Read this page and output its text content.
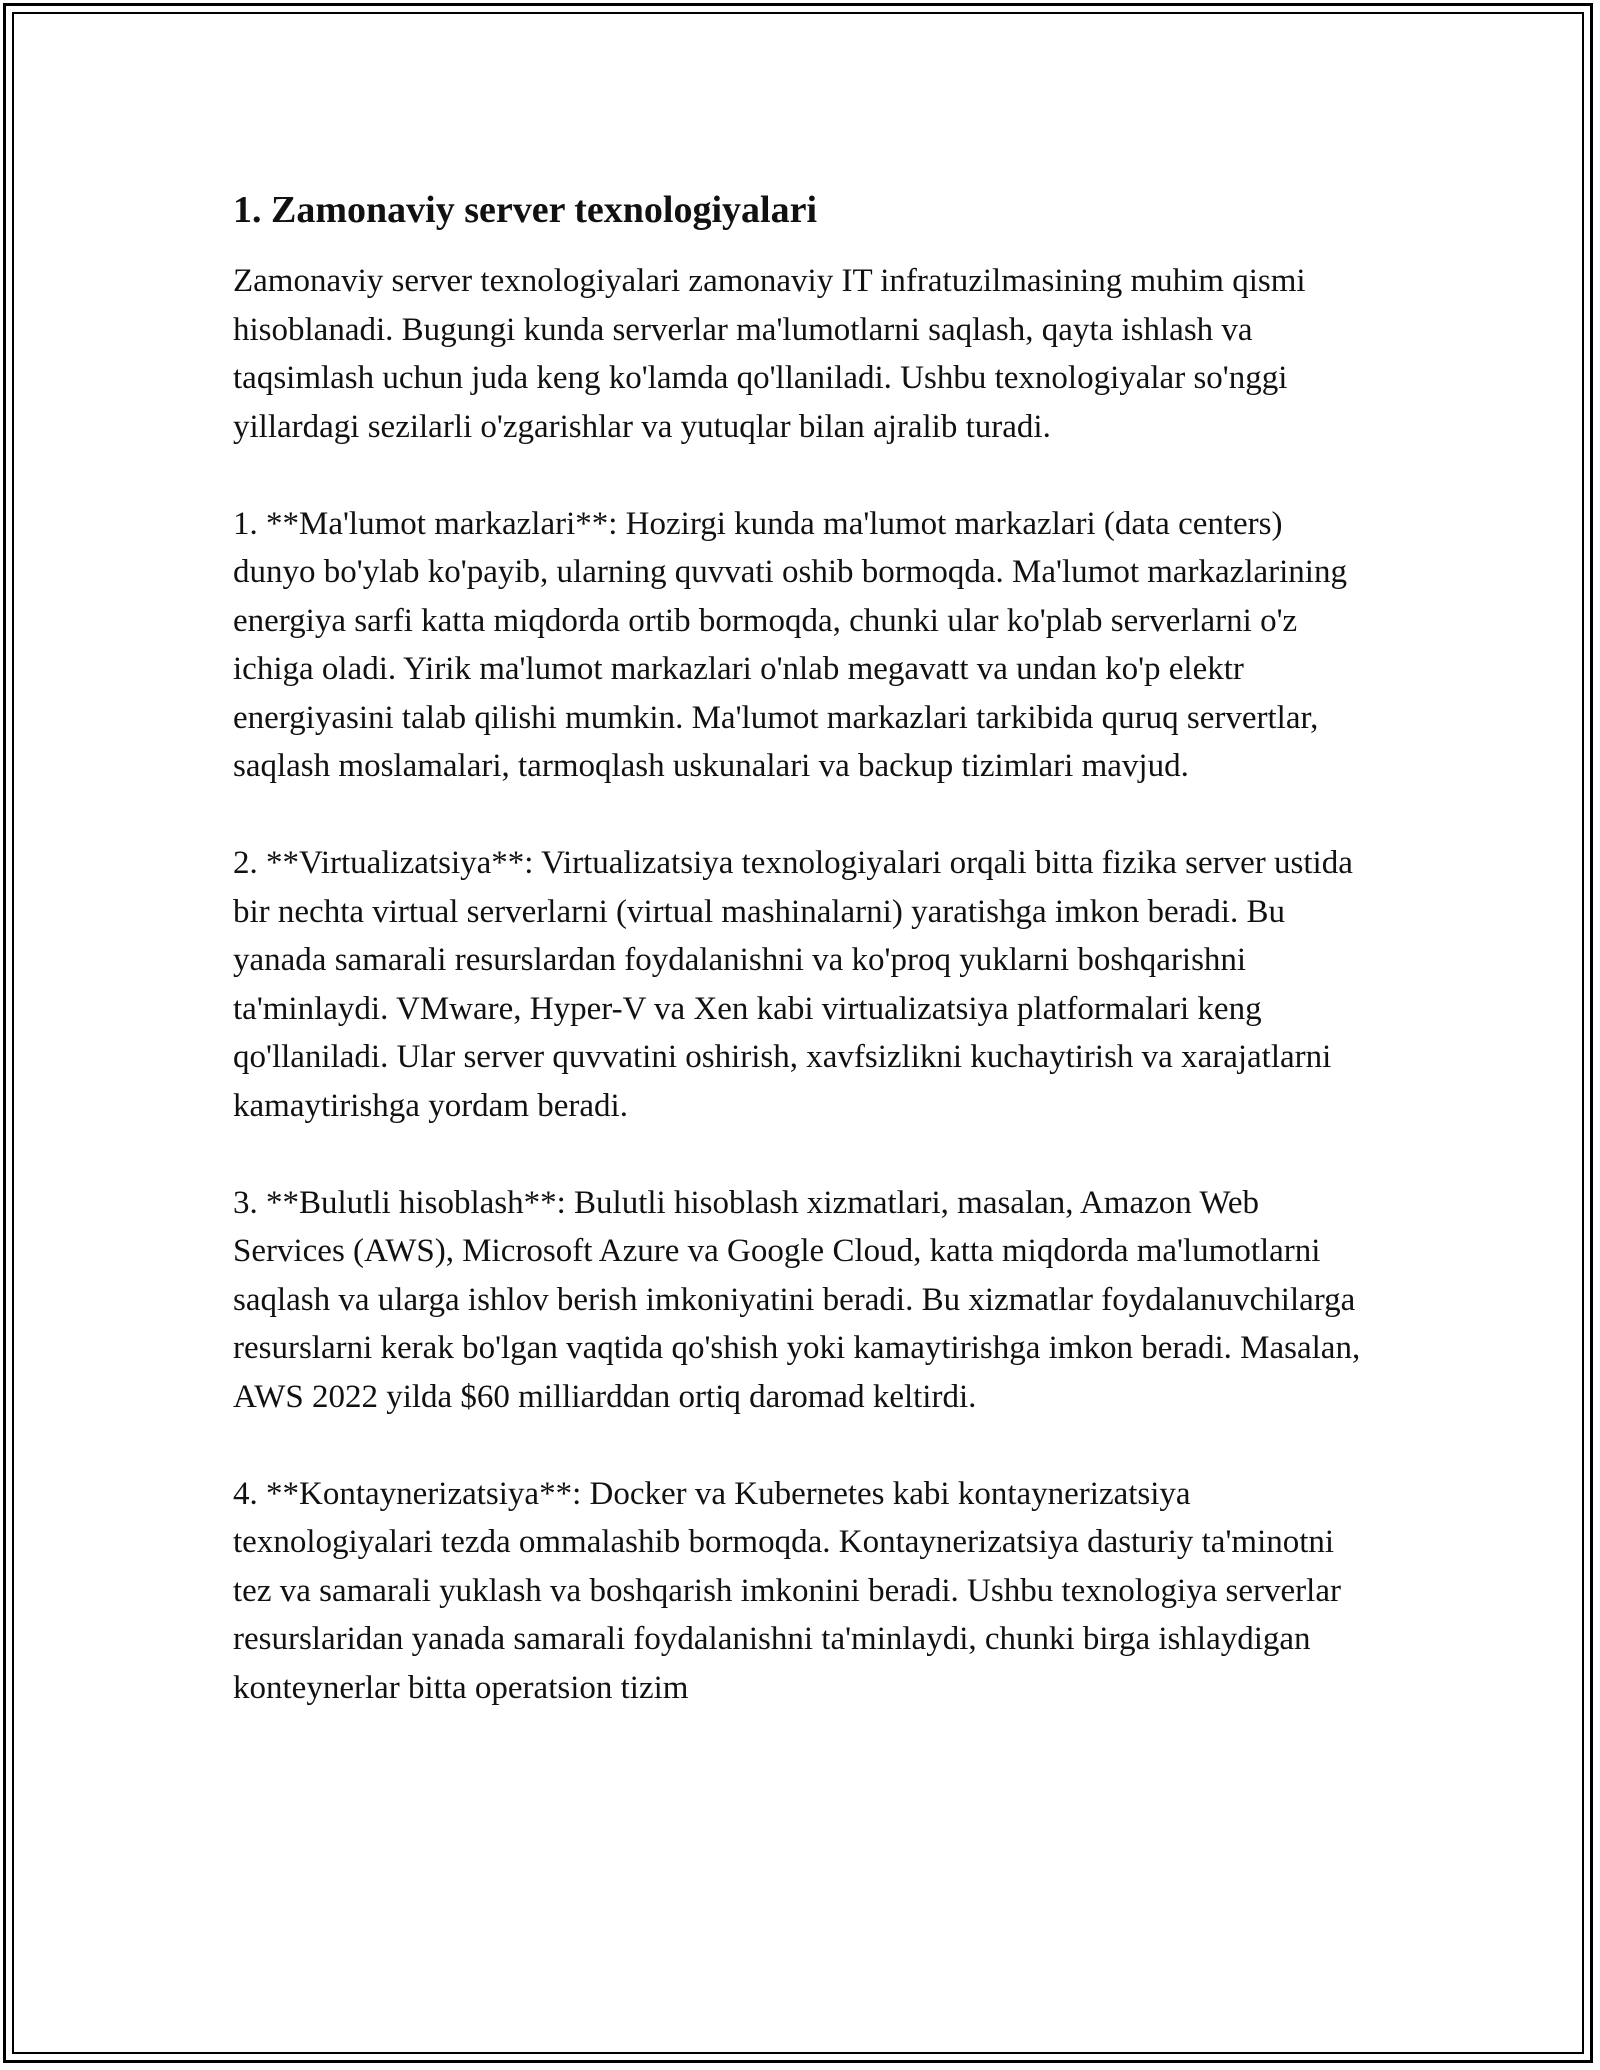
1. Zamonaviy server texnologiyalari
Zamonaviy server texnologiyalari zamonaviy IT infratuzilmasining muhim qismi hisoblanadi. Bugungi kunda serverlar ma'lumotlarni saqlash, qayta ishlash va taqsimlash uchun juda keng ko'lamda qo'llaniladi. Ushbu texnologiyalar so'nggi yillardagi sezilarli o'zgarishlar va yutuqlar bilan ajralib turadi.
1. **Ma'lumot markazlari**: Hozirgi kunda ma'lumot markazlari (data centers) dunyo bo'ylab ko'payib, ularning quvvati oshib bormoqda. Ma'lumot markazlarining energiya sarfi katta miqdorda ortib bormoqda, chunki ular ko'plab serverlarni o'z ichiga oladi. Yirik ma'lumot markazlari o'nlab megavatt va undan ko'p elektr energiyasini talab qilishi mumkin. Ma'lumot markazlari tarkibida quruq servertlar, saqlash moslamalari, tarmoqlash uskunalari va backup tizimlari mavjud.
2. **Virtualizatsiya**: Virtualizatsiya texnologiyalari orqali bitta fizika server ustida bir nechta virtual serverlarni (virtual mashinalarni) yaratishga imkon beradi. Bu yanada samarali resurslardan foydalanishni va ko'proq yuklarni boshqarishni ta'minlaydi. VMware, Hyper-V va Xen kabi virtualizatsiya platformalari keng qo'llaniladi. Ular server quvvatini oshirish, xavfsizlikni kuchaytirish va xarajatlarni kamaytirishga yordam beradi.
3. **Bulutli hisoblash**: Bulutli hisoblash xizmatlari, masalan, Amazon Web Services (AWS), Microsoft Azure va Google Cloud, katta miqdorda ma'lumotlarni saqlash va ularga ishlov berish imkoniyatini beradi. Bu xizmatlar foydalanuvchilarga resurslarni kerak bo'lgan vaqtida qo'shish yoki kamaytirishga imkon beradi. Masalan, AWS 2022 yilda $60 milliarddan ortiq daromad keltirdi.
4. **Kontaynerizatsiya**: Docker va Kubernetes kabi kontaynerizatsiya texnologiyalari tezda ommalashib bormoqda. Kontaynerizatsiya dasturiy ta'minotni tez va samarali yuklash va boshqarish imkonini beradi. Ushbu texnologiya serverlar resurslaridan yanada samarali foydalanishni ta'minlaydi, chunki birga ishlaydigan konteynerlar bitta operatsion tizim
